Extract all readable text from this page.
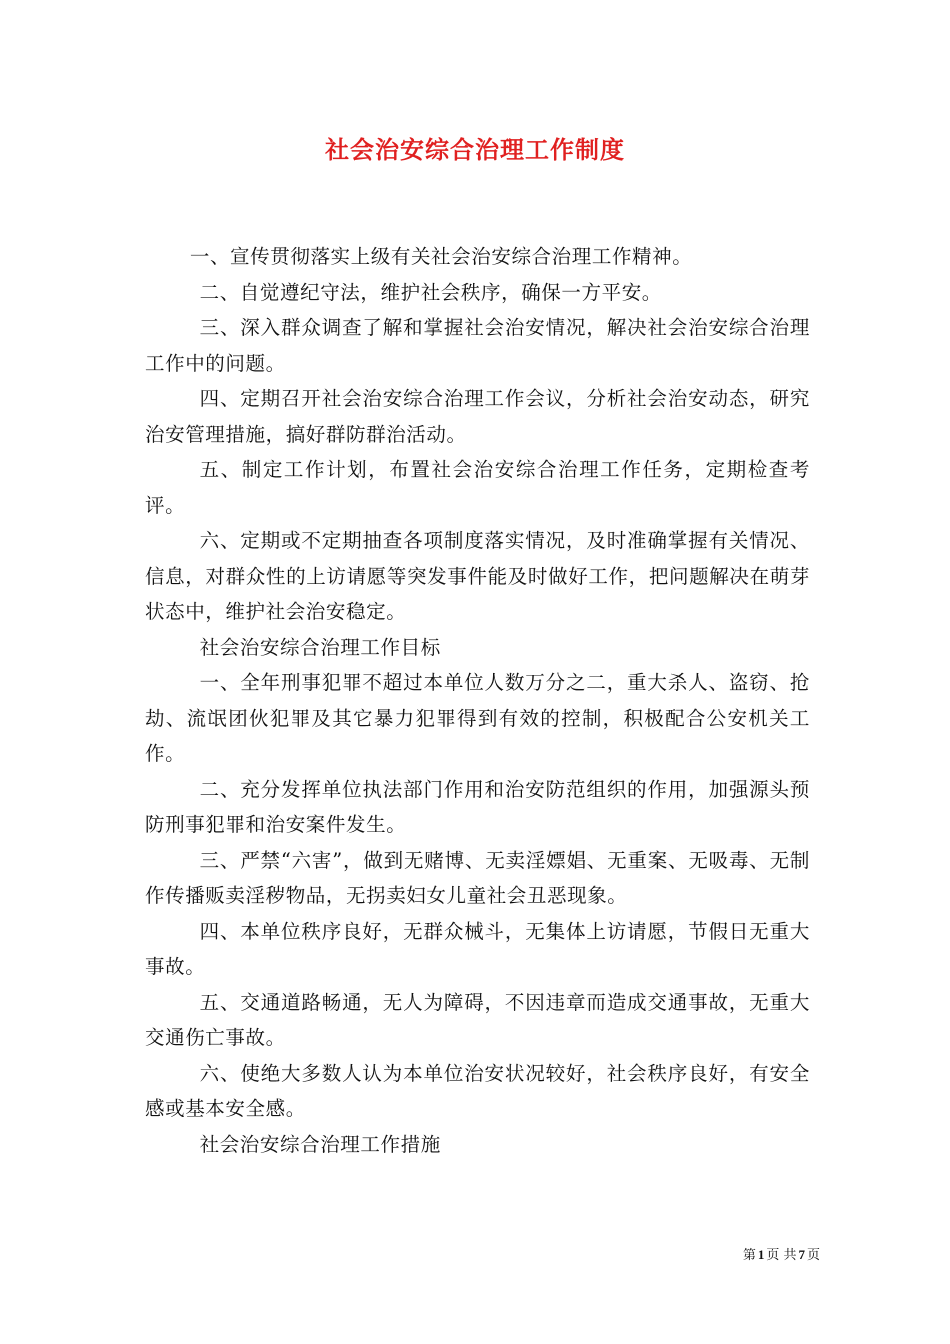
社会治安综合治理工作制度

一、宣传贯彻落实上级有关社会治安综合治理工作精神。

二、自觉遵纪守法，维护社会秩序，确保一方平安。

三、深入群众调查了解和掌握社会治安情况，解决社会治安综合治理工作中的问题。

四、定期召开社会治安综合治理工作会议，分析社会治安动态，研究治安管理措施，搞好群防群治活动。

五、制定工作计划，布置社会治安综合治理工作任务，定期检查考评。

六、定期或不定期抽查各项制度落实情况，及时准确掌握有关情况、信息，对群众性的上访请愿等突发事件能及时做好工作，把问题解决在萌芽状态中，维护社会治安稳定。

社会治安综合治理工作目标

一、全年刑事犯罪不超过本单位人数万分之二，重大杀人、盗窃、抢劫、流氓团伙犯罪及其它暴力犯罪得到有效的控制，积极配合公安机关工作。

二、充分发挥单位执法部门作用和治安防范组织的作用，加强源头预防刑事犯罪和治安案件发生。

三、严禁“六害”，做到无赌博、无卖淫嫖娼、无重案、无吸毒、无制作传播贩卖淫秽物品，无拐卖妇女儿童社会丑恶现象。

四、本单位秩序良好，无群众械斗，无集体上访请愿，节假日无重大事故。

五、交通道路畅通，无人为障碍，不因违章而造成交通事故，无重大交通伤亡事故。

六、使绝大多数人认为本单位治安状况较好，社会秩序良好，有安全感或基本安全感。

社会治安综合治理工作措施

第 1 页 共 7 页
